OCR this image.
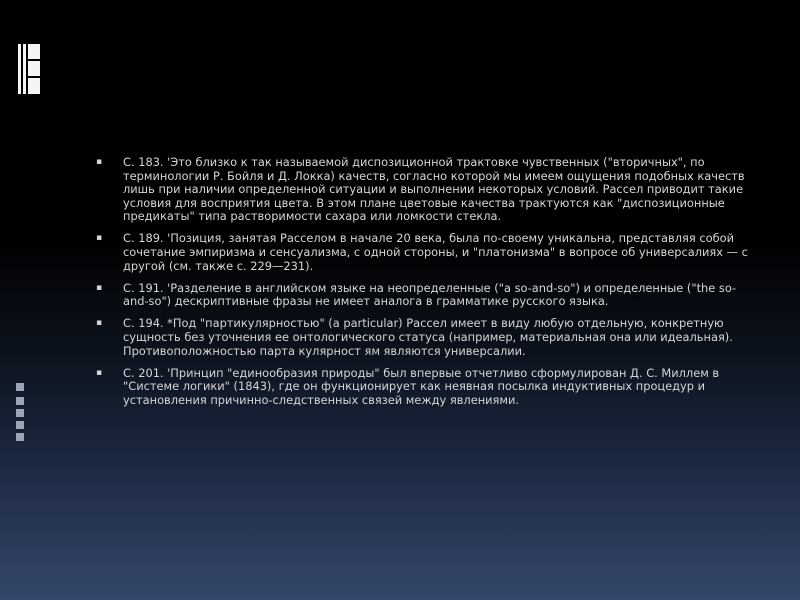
▪ С. 183. 'Это близко к так называемой диспозиционной трактовке чувственных ("вторичных", по терминологии Р. Бойля и Д. Локка) качеств, согласно которой мы имеем ощущения подобных качеств лишь при наличии определенной ситуации и выполнении некоторых условий. Рассел приводит такие условия для восприятия цвета. В этом плане цветовые качества трактуются как "диспозиционные предикаты" типа растворимости сахара или ломкости стекла.
▪ С. 189. 'Позиция, занятая Расселом в начале 20 века, была по-своему уникальна, представляя собой сочетание эмпиризма и сенсуализма, с одной стороны, и "платонизма" в вопросе об универсалиях — с другой (см. также с. 229—231).
▪ С. 191. 'Разделение в английском языке на неопределенные ("a so-and-so") и определенные ("the so-and-so") дескриптивные фразы не имеет аналога в грамматике русского языка.
▪ С. 194. *Под "партикулярностью" (a particular) Рассел имеет в виду любую отдельную, конкретную сущность без уточнения ее онтологического статуса (например, материальная она или идеальная). Противоположностью парта кулярност ям являются универсалии.
▪ С. 201. 'Принцип "единообразия природы" был впервые отчетливо сформулирован Д. С. Миллем в "Системе логики" (1843), где он функционирует как неявная посылка индуктивных процедур и установления причинно-следственных связей между явлениями.
